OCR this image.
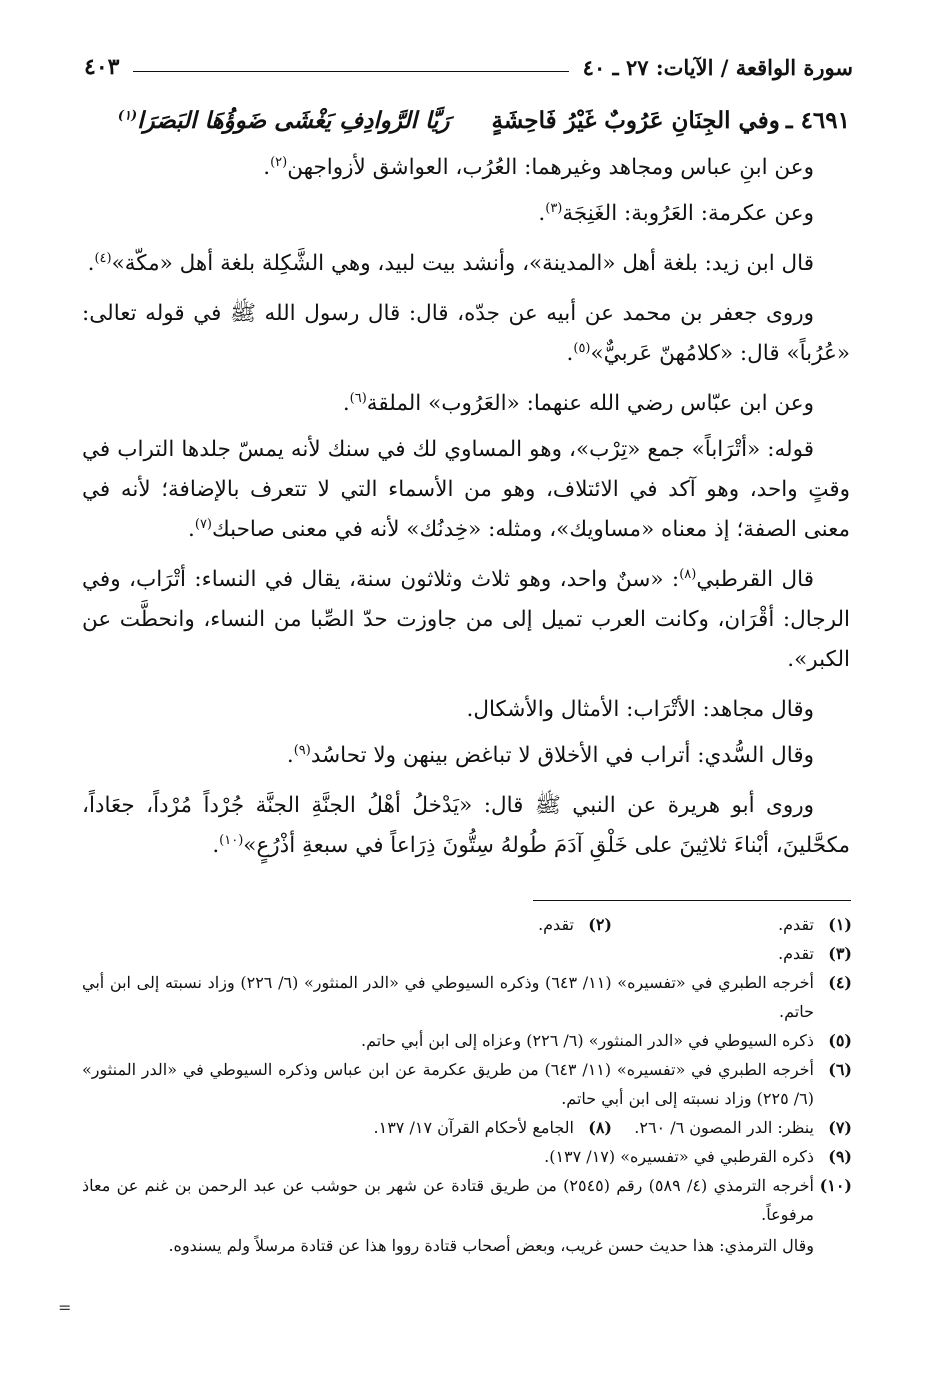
سورة الواقعة / الآيات: ٢٧ ـ ٤٠
٤٠٣
٤٦٩١ ـ
وفي الجِنَانِ عَرُوبٌ غَيْرُ فَاحِشَةٍ
رَيَّا الرَّوادِفِ يَغْشَى ضَوؤُهَا البَصَرَا$^{(١)}$

وعن ابنِ عباس ومجاهد وغيرهما: العُرُب، العواشق لأزواجهن$^{(٢)}$.

وعن عكرمة: العَرُوبة: الغَنِجَة$^{(٣)}$.

قال ابن زيد: بلغة أهل «المدينة»، وأنشد بيت لبيد، وهي الشَّكِلة بلغة أهل «مكّة»$^{(٤)}$.

وروى جعفر بن محمد عن أبيه عن جدّه، قال: قال رسول الله ﷺ في قوله تعالى: «عُرُباً» قال: «كلامُهنّ عَربيٌّ»$^{(٥)}$.

وعن ابن عبّاس رضي الله عنهما: «العَرُوب» الملقة$^{(٦)}$.

قوله: «أتْرَاباً» جمع «تِرْب»، وهو المساوي لك في سنك لأنه يمسّ جلدها التراب في وقتٍ واحد، وهو آكد في الائتلاف، وهو من الأسماء التي لا تتعرف بالإضافة؛ لأنه في معنى الصفة؛ إذ معناه «مساويك»، ومثله: «خِدنُك» لأنه في معنى صاحبك$^{(٧)}$.

قال القرطبي$^{(٨)}$: «سنٌ واحد، وهو ثلاث وثلاثون سنة، يقال في النساء: أتْرَاب، وفي الرجال: أقْرَان، وكانت العرب تميل إلى من جاوزت حدّ الصِّبا من النساء، وانحطَّت عن الكبر».

وقال مجاهد: الأتْرَاب: الأمثال والأشكال.

وقال السُّدي: أتراب في الأخلاق لا تباغض بينهن ولا تحاسُد$^{(٩)}$.

وروى أبو هريرة عن النبي ﷺ قال: «يَدْخلُ أهْلُ الجنَّةِ الجنَّة جُرْداً مُرْداً، جعَاداً، مكحَّلينَ، أبْناءَ ثلاثِينَ على خَلْقِ آدَمَ طُولهُ سِتُّونَ ذِرَاعاً في سبعةِ أذْرُعٍ»$^{(١٠)}$.

(١)
تقدم.
(٢)
تقدم.
(٣)
تقدم.
(٤)
أخرجه الطبري في «تفسيره» (١١/ ٦٤٣) وذكره السيوطي في «الدر المنثور» (٦/ ٢٢٦) وزاد نسبته إلى ابن أبي حاتم.
(٥)
ذكره السيوطي في «الدر المنثور» (٦/ ٢٢٦) وعزاه إلى ابن أبي حاتم.
(٦)
أخرجه الطبري في «تفسيره» (١١/ ٦٤٣) من طريق عكرمة عن ابن عباس وذكره السيوطي في «الدر المنثور» (٦/ ٢٢٥) وزاد نسبته إلى ابن أبي حاتم.
(٧)
ينظر: الدر المصون ٦/ ٢٦٠.
(٨)
الجامع لأحكام القرآن ١٧/ ١٣٧.
(٩)
ذكره القرطبي في «تفسيره» (١٧/ ١٣٧).
(١٠)
أخرجه الترمذي (٤/ ٥٨٩) رقم (٢٥٤٥) من طريق قتادة عن شهر بن حوشب عن عبد الرحمن بن غنم عن معاذ مرفوعاً.
وقال الترمذي: هذا حديث حسن غريب، وبعض أصحاب قتادة رووا هذا عن قتادة مرسلاً ولم يسندوه.
=
